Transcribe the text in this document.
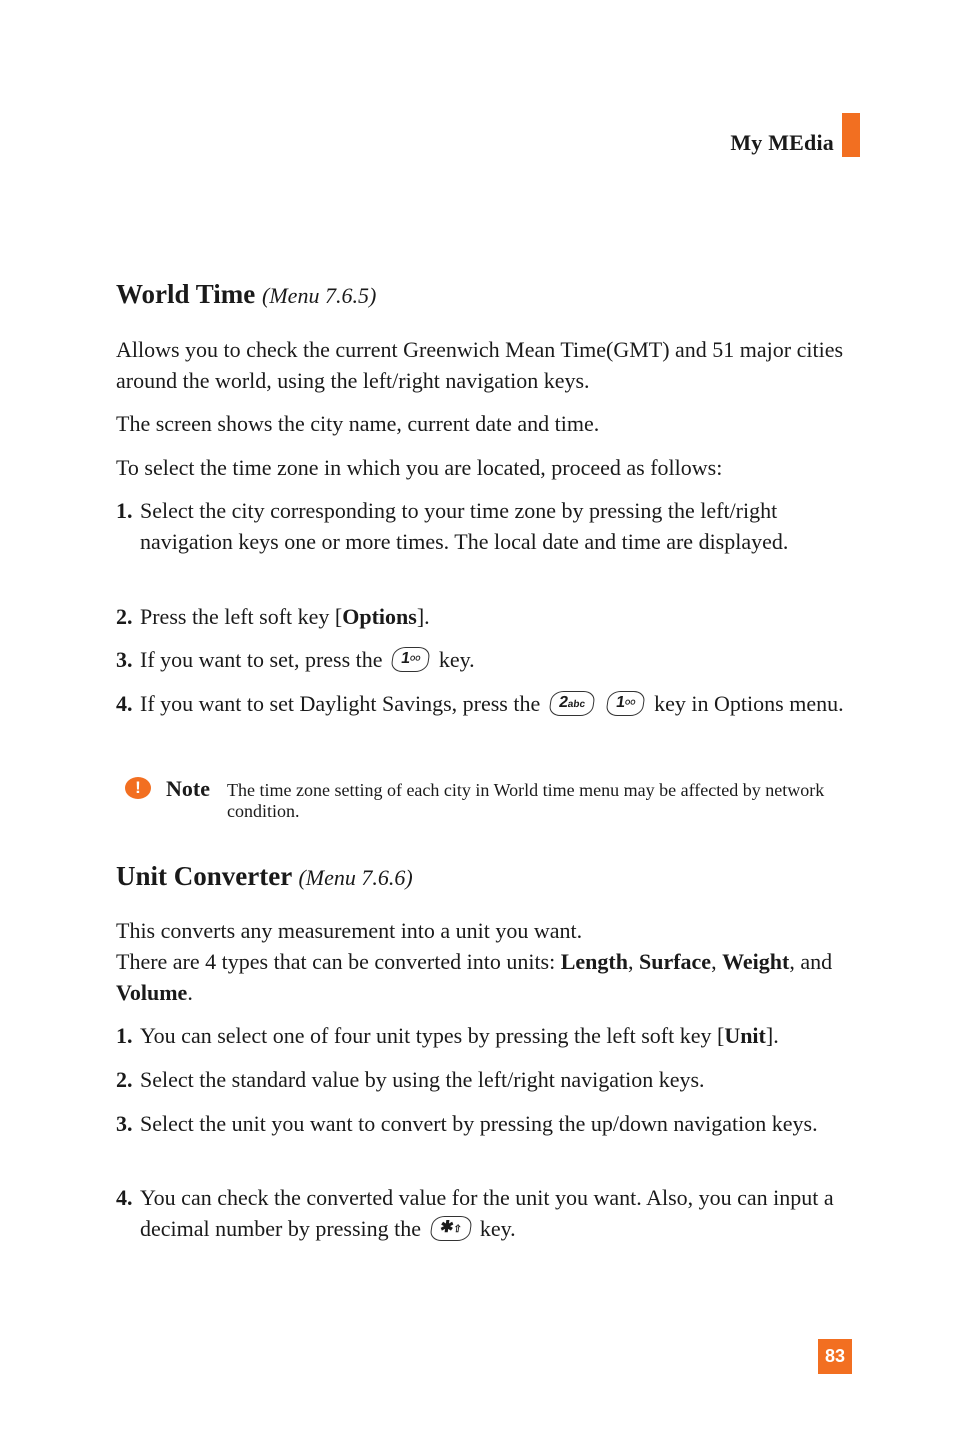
My MEdia
World Time (Menu 7.6.5)
Allows you to check the current Greenwich Mean Time(GMT) and 51 major cities around the world, using the left/right navigation keys.
The screen shows the city name, current date and time.
To select the time zone in which you are located, proceed as follows:
1. Select the city corresponding to your time zone by pressing the left/right navigation keys one or more times. The local date and time are displayed.
2. Press the left soft key [Options].
3. If you want to set, press the 1ᴼᴼ key.
4. If you want to set Daylight Savings, press the 2abc 1ᴼᴼ key in Options menu.
!	Note The time zone setting of each city in World time menu may be affected by network condition.
Unit Converter (Menu 7.6.6)
This converts any measurement into a unit you want.
There are 4 types that can be converted into units: Length, Surface, Weight, and Volume.
1. You can select one of four unit types by pressing the left soft key [Unit].
2. Select the standard value by using the left/right navigation keys.
3. Select the unit you want to convert by pressing the up/down navigation keys.
4. You can check the converted value for the unit you want. Also, you can input a decimal number by pressing the ✱⇧ key.
83
